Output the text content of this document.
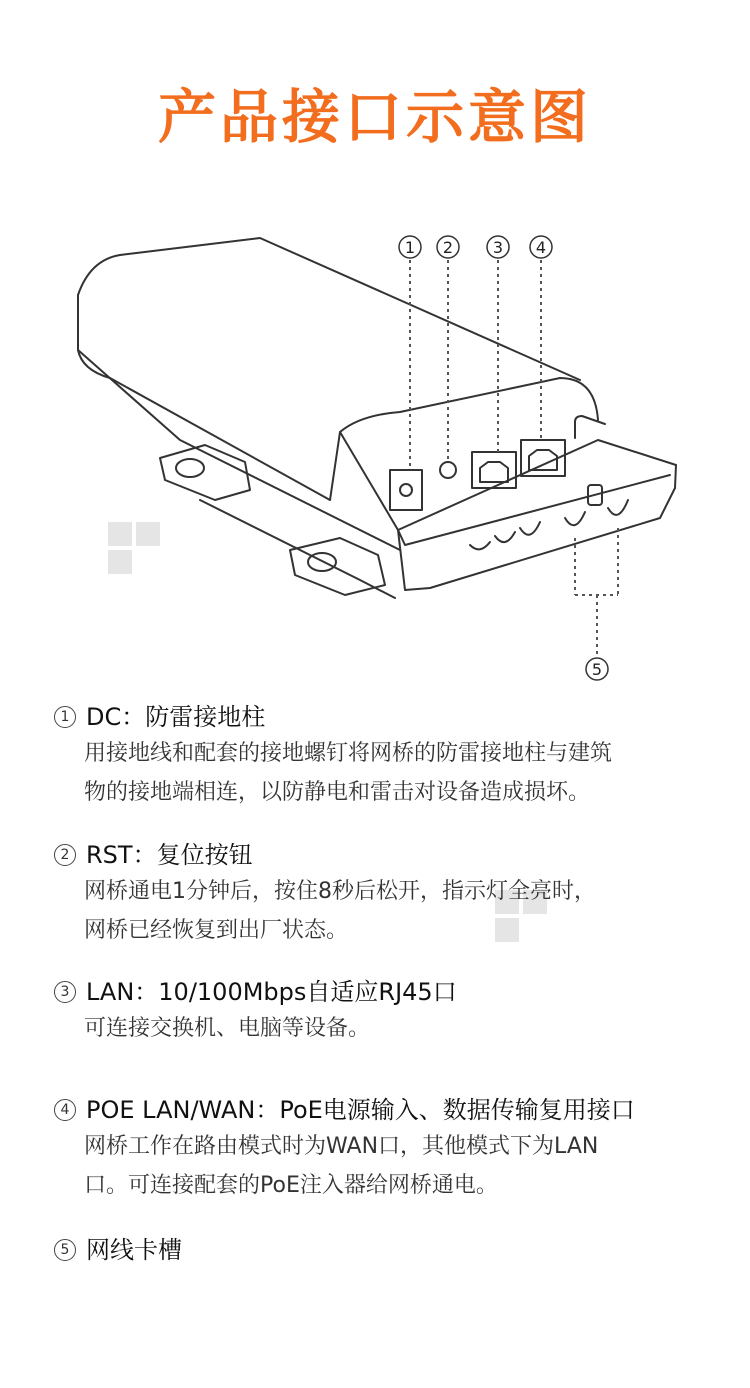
产品接口示意图
1 2 3 4
5
1 DC：防雷接地柱
用接地线和配套的接地螺钉将网桥的防雷接地柱与建筑
物的接地端相连，以防静电和雷击对设备造成损坏。
2 RST：复位按钮
网桥通电1分钟后，按住8秒后松开，指示灯全亮时，
网桥已经恢复到出厂状态。
3 LAN：10/100Mbps自适应RJ45口
可连接交换机、电脑等设备。
4 POE LAN/WAN：PoE电源输入、数据传输复用接口
网桥工作在路由模式时为WAN口，其他模式下为LAN
口。可连接配套的PoE注入器给网桥通电。
5 网线卡槽
